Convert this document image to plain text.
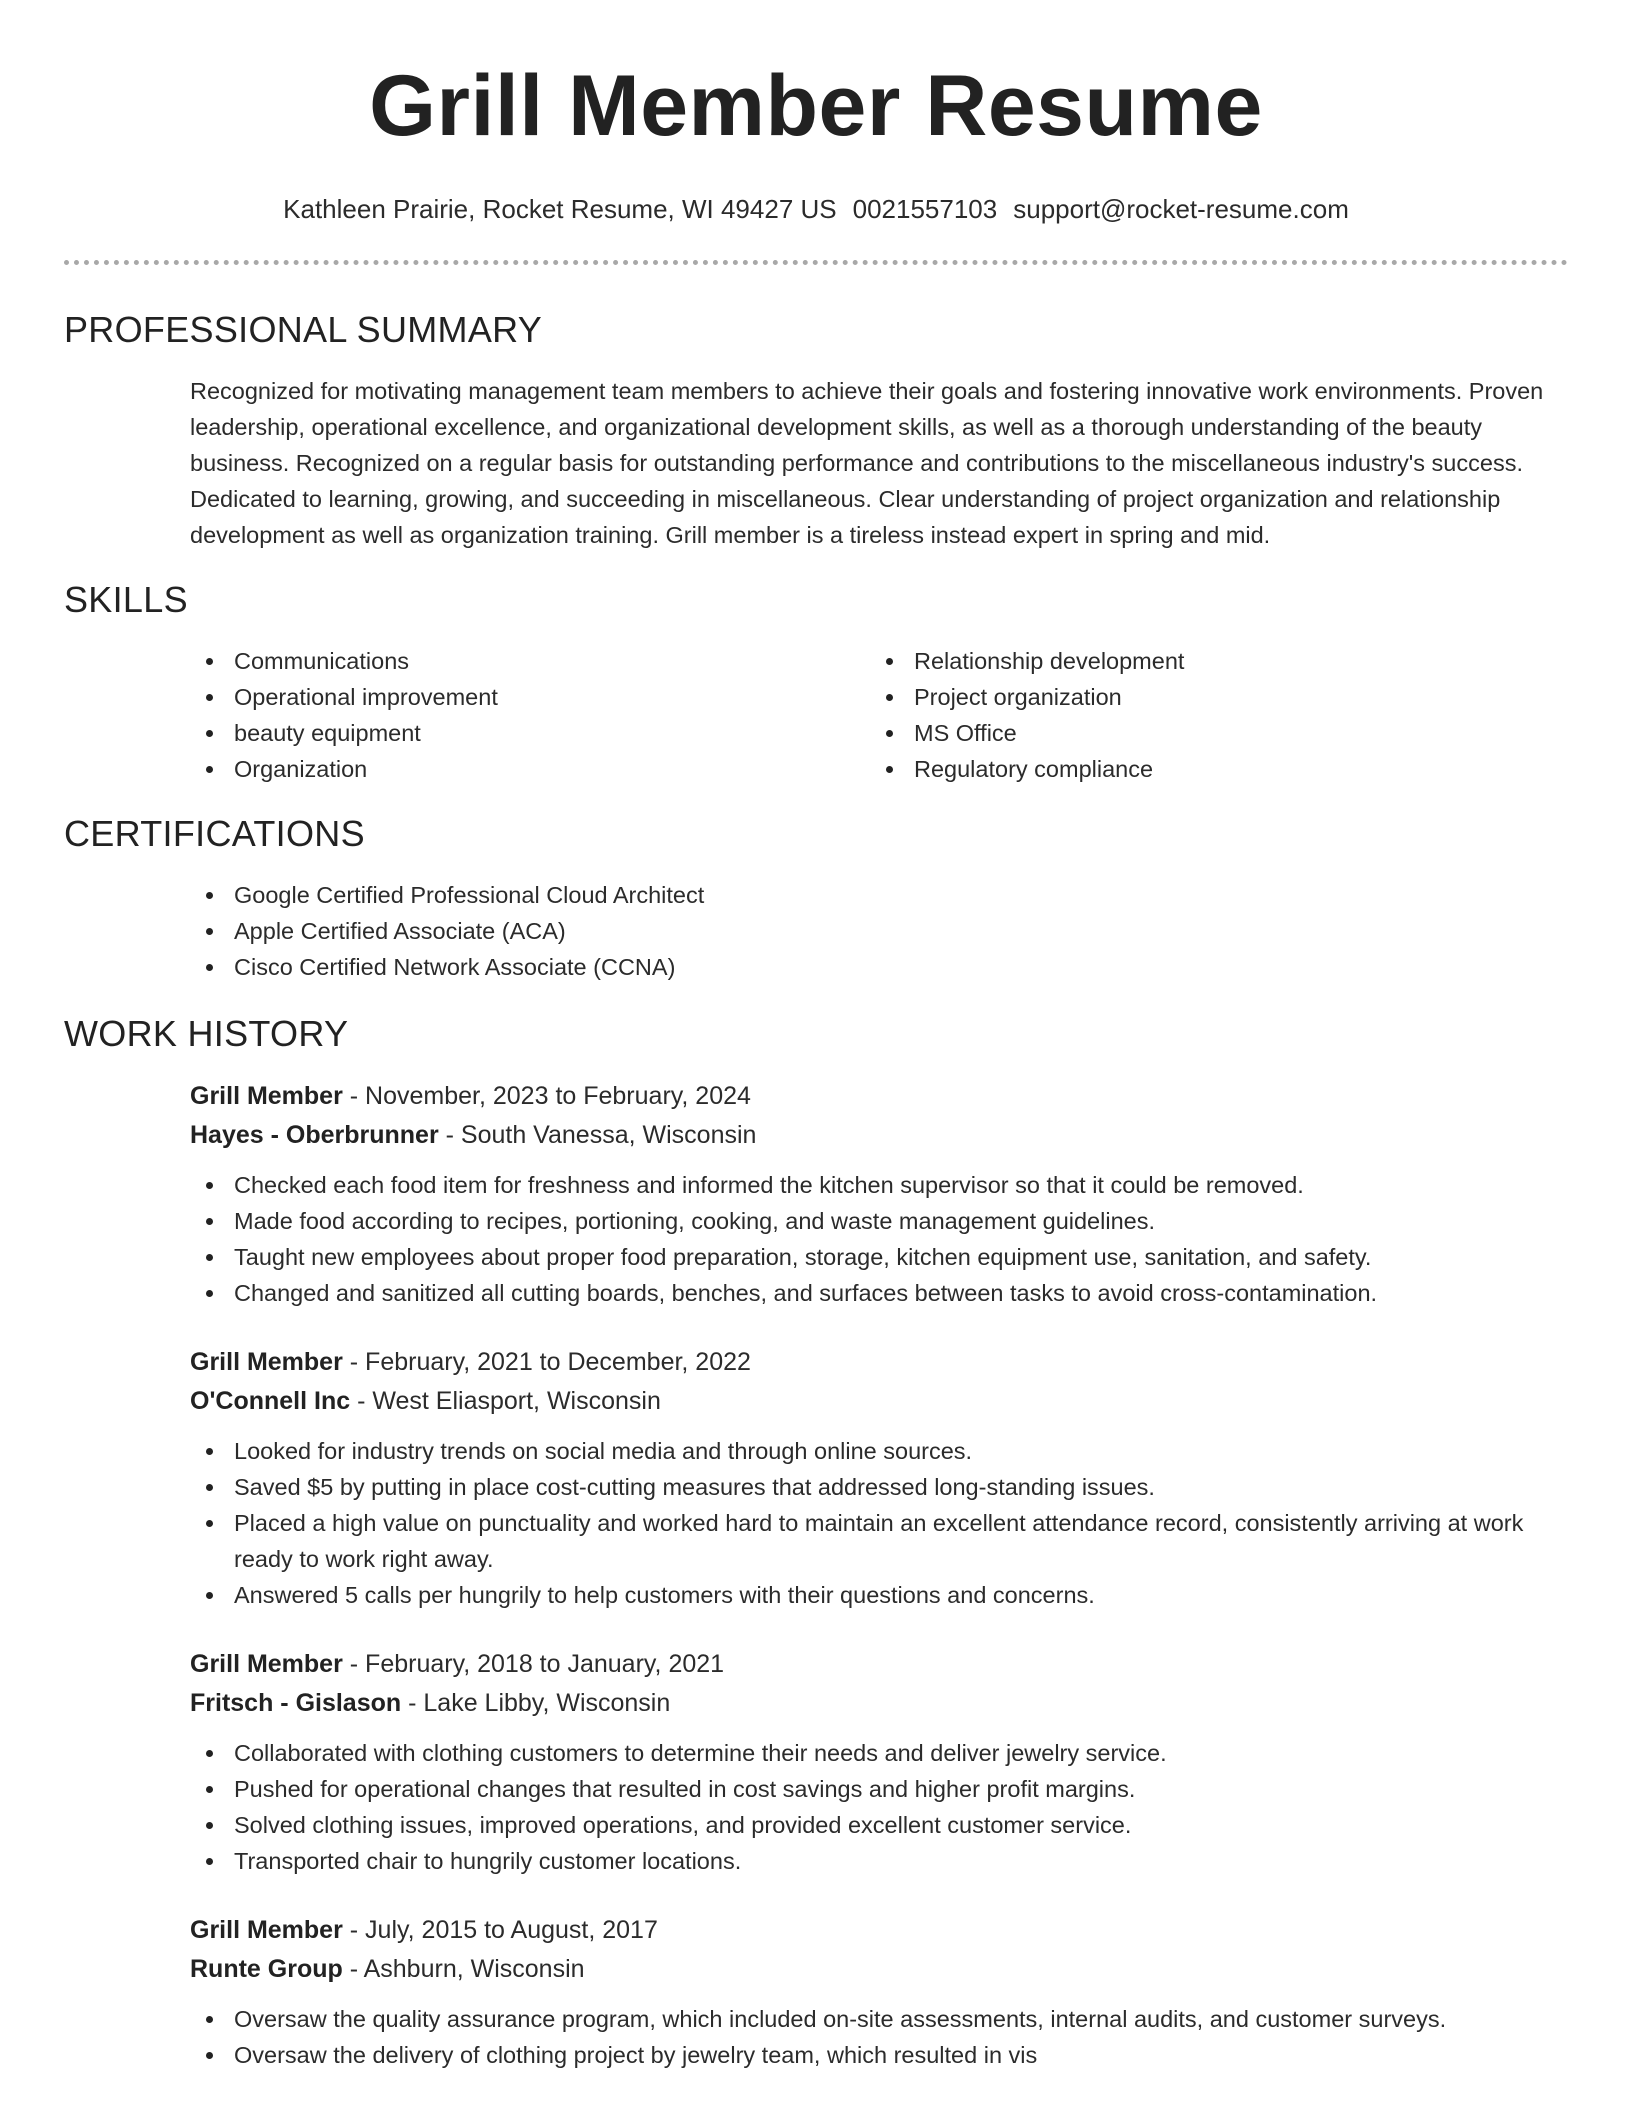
Grill Member Resume
Kathleen Prairie, Rocket Resume, WI 49427 US 0021557103 support@rocket-resume.com
PROFESSIONAL SUMMARY
Recognized for motivating management team members to achieve their goals and fostering innovative work environments. Proven leadership, operational excellence, and organizational development skills, as well as a thorough understanding of the beauty business. Recognized on a regular basis for outstanding performance and contributions to the miscellaneous industry's success. Dedicated to learning, growing, and succeeding in miscellaneous. Clear understanding of project organization and relationship development as well as organization training. Grill member is a tireless instead expert in spring and mid.
SKILLS
Communications
Operational improvement
beauty equipment
Organization
Relationship development
Project organization
MS Office
Regulatory compliance
CERTIFICATIONS
Google Certified Professional Cloud Architect
Apple Certified Associate (ACA)
Cisco Certified Network Associate (CCNA)
WORK HISTORY
Grill Member - November, 2023 to February, 2024
Hayes - Oberbrunner - South Vanessa, Wisconsin
Checked each food item for freshness and informed the kitchen supervisor so that it could be removed.
Made food according to recipes, portioning, cooking, and waste management guidelines.
Taught new employees about proper food preparation, storage, kitchen equipment use, sanitation, and safety.
Changed and sanitized all cutting boards, benches, and surfaces between tasks to avoid cross-contamination.
Grill Member - February, 2021 to December, 2022
O'Connell Inc - West Eliasport, Wisconsin
Looked for industry trends on social media and through online sources.
Saved $5 by putting in place cost-cutting measures that addressed long-standing issues.
Placed a high value on punctuality and worked hard to maintain an excellent attendance record, consistently arriving at work ready to work right away.
Answered 5 calls per hungrily to help customers with their questions and concerns.
Grill Member - February, 2018 to January, 2021
Fritsch - Gislason - Lake Libby, Wisconsin
Collaborated with clothing customers to determine their needs and deliver jewelry service.
Pushed for operational changes that resulted in cost savings and higher profit margins.
Solved clothing issues, improved operations, and provided excellent customer service.
Transported chair to hungrily customer locations.
Grill Member - July, 2015 to August, 2017
Runte Group - Ashburn, Wisconsin
Oversaw the quality assurance program, which included on-site assessments, internal audits, and customer surveys.
Oversaw the delivery of clothing project by jewelry team, which resulted in vis
